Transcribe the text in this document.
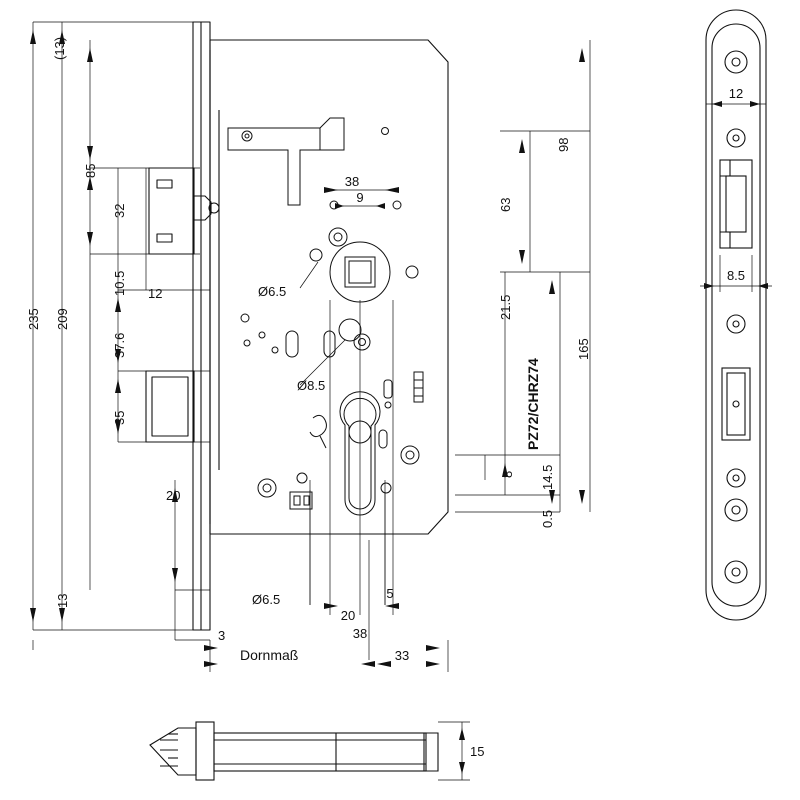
(13)
85
32
10.5
235 209
37.6
35
13
12
20
3
38
9
98
63
21.5
165
8 14.5
0.5
Ø6.5
20
5
38
33
Ø6.5
Ø8.5
Dornmaß
PZ72/CHRZ74
12
8.5
15
